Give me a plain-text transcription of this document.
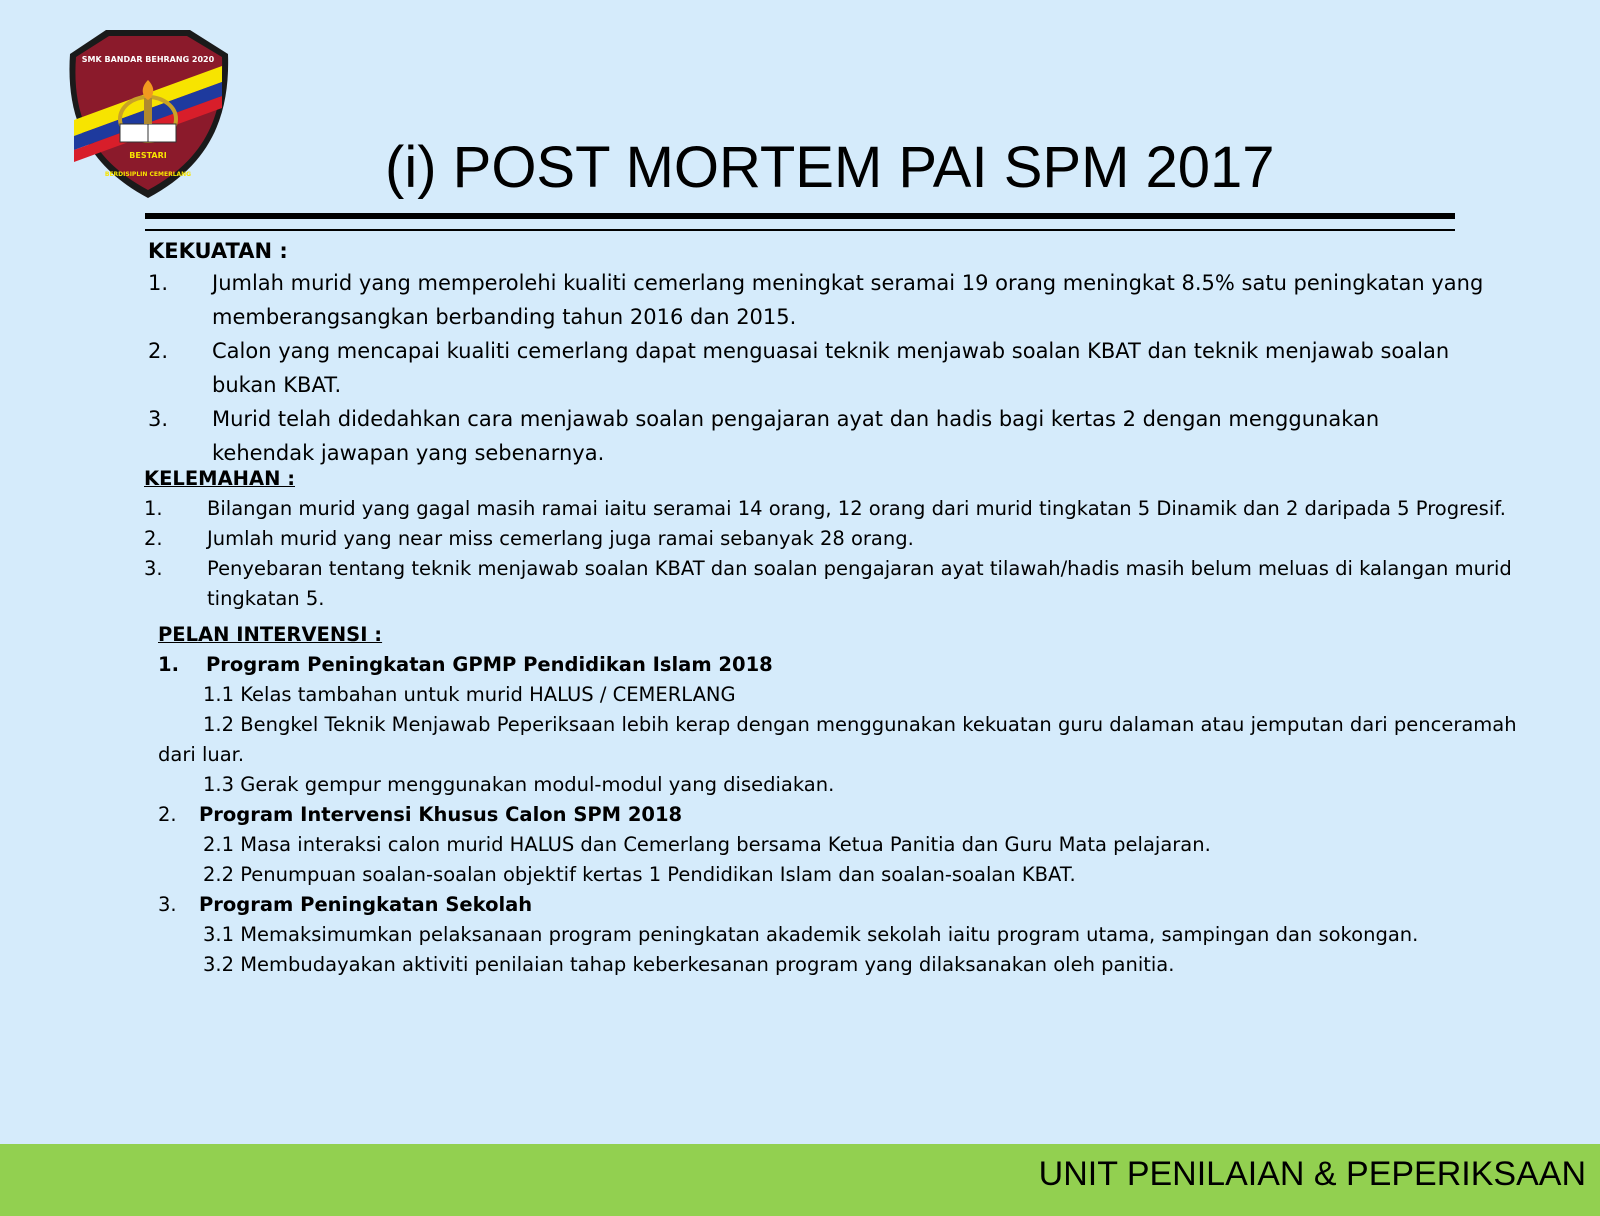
SMK BANDAR BEHRANG 2020
BESTARI
BERDISIPLIN CEMERLANG	(i) POST MORTEM PAI SPM 2017
KEKUATAN :
1.	Jumlah murid yang memperolehi kualiti cemerlang meningkat seramai 19 orang meningkat 8.5% satu peningkatan yang
memberangsangkan berbanding tahun 2016 dan 2015.
2.	Calon yang mencapai kualiti cemerlang dapat menguasai teknik menjawab soalan KBAT dan teknik menjawab soalan
bukan KBAT.
3.	Murid telah didedahkan cara menjawab soalan pengajaran ayat dan hadis bagi kertas 2 dengan menggunakan
kehendak jawapan yang sebenarnya.
KELEMAHAN :
1.	Bilangan murid yang gagal masih ramai iaitu seramai 14 orang, 12 orang dari murid tingkatan 5 Dinamik dan 2 daripada 5 Progresif.
2.	Jumlah murid yang near miss cemerlang juga ramai sebanyak 28 orang.
3.	Penyebaran tentang teknik menjawab soalan KBAT dan soalan pengajaran ayat tilawah/hadis masih belum meluas di kalangan murid
tingkatan 5.
PELAN INTERVENSI :
1. Program Peningkatan GPMP Pendidikan Islam 2018
1.1 Kelas tambahan untuk murid HALUS / CEMERLANG
1.2 Bengkel Teknik Menjawab Peperiksaan lebih kerap dengan menggunakan kekuatan guru dalaman atau jemputan dari penceramah
dari luar.
1.3 Gerak gempur menggunakan modul-modul yang disediakan.
2. Program Intervensi Khusus Calon SPM 2018
2.1 Masa interaksi calon murid HALUS dan Cemerlang bersama Ketua Panitia dan Guru Mata pelajaran.
2.2 Penumpuan soalan-soalan objektif kertas 1 Pendidikan Islam dan soalan-soalan KBAT.
3. Program Peningkatan Sekolah
3.1 Memaksimumkan pelaksanaan program peningkatan akademik sekolah iaitu program utama, sampingan dan sokongan.
3.2 Membudayakan aktiviti penilaian tahap keberkesanan program yang dilaksanakan oleh panitia.
UNIT PENILAIAN & PEPERIKSAAN
